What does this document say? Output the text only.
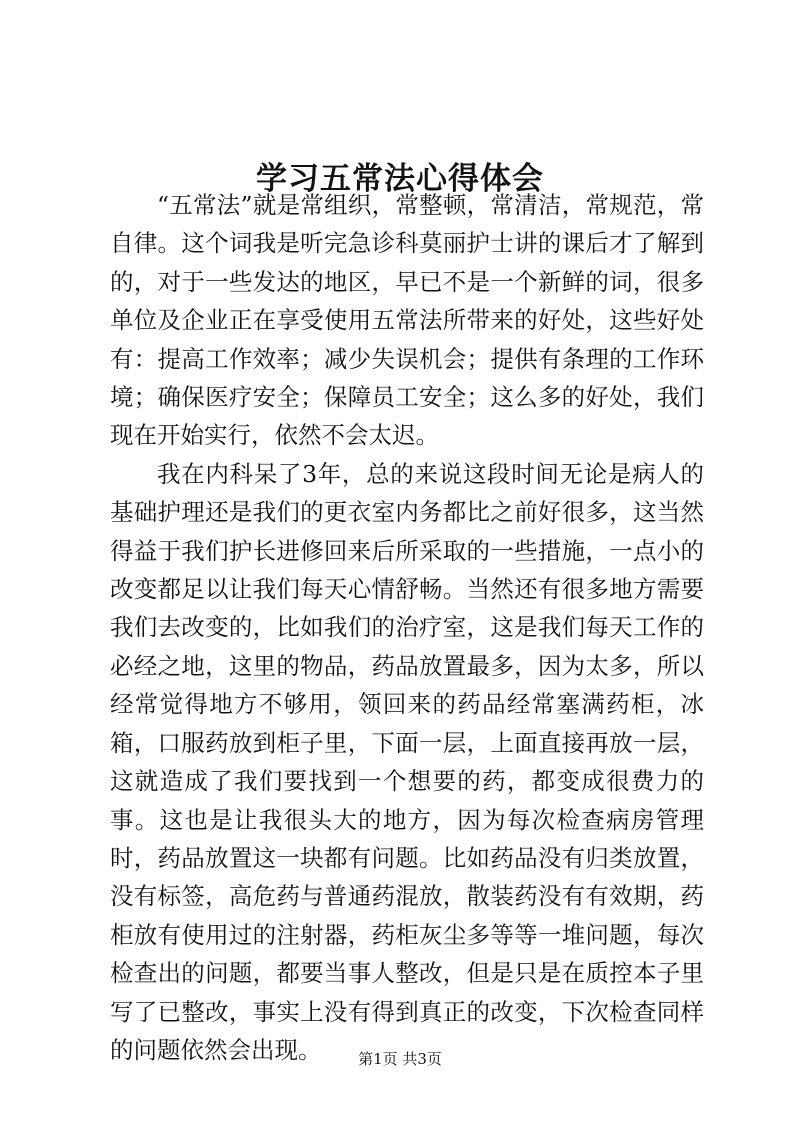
学习五常法心得体会

“五常法”就是常组织，常整顿，常清洁，常规范，常自律。这个词我是听完急诊科莫丽护士讲的课后才了解到的，对于一些发达的地区，早已不是一个新鲜的词，很多单位及企业正在享受使用五常法所带来的好处，这些好处有：提高工作效率；减少失误机会；提供有条理的工作环境；确保医疗安全；保障员工安全；这么多的好处，我们现在开始实行，依然不会太迟。

我在内科呆了3年，总的来说这段时间无论是病人的基础护理还是我们的更衣室内务都比之前好很多，这当然得益于我们护长进修回来后所采取的一些措施，一点小的改变都足以让我们每天心情舒畅。当然还有很多地方需要我们去改变的，比如我们的治疗室，这是我们每天工作的必经之地，这里的物品，药品放置最多，因为太多，所以经常觉得地方不够用，领回来的药品经常塞满药柜，冰箱，口服药放到柜子里，下面一层，上面直接再放一层，这就造成了我们要找到一个想要的药，都变成很费力的事。这也是让我很头大的地方，因为每次检查病房管理时，药品放置这一块都有问题。比如药品没有归类放置，没有标签，高危药与普通药混放，散装药没有有效期，药柜放有使用过的注射器，药柜灰尘多等等一堆问题，每次检查出的问题，都要当事人整改，但是只是在质控本子里写了已整改，事实上没有得到真正的改变，下次检查同样的问题依然会出现。	第1页 共3页
